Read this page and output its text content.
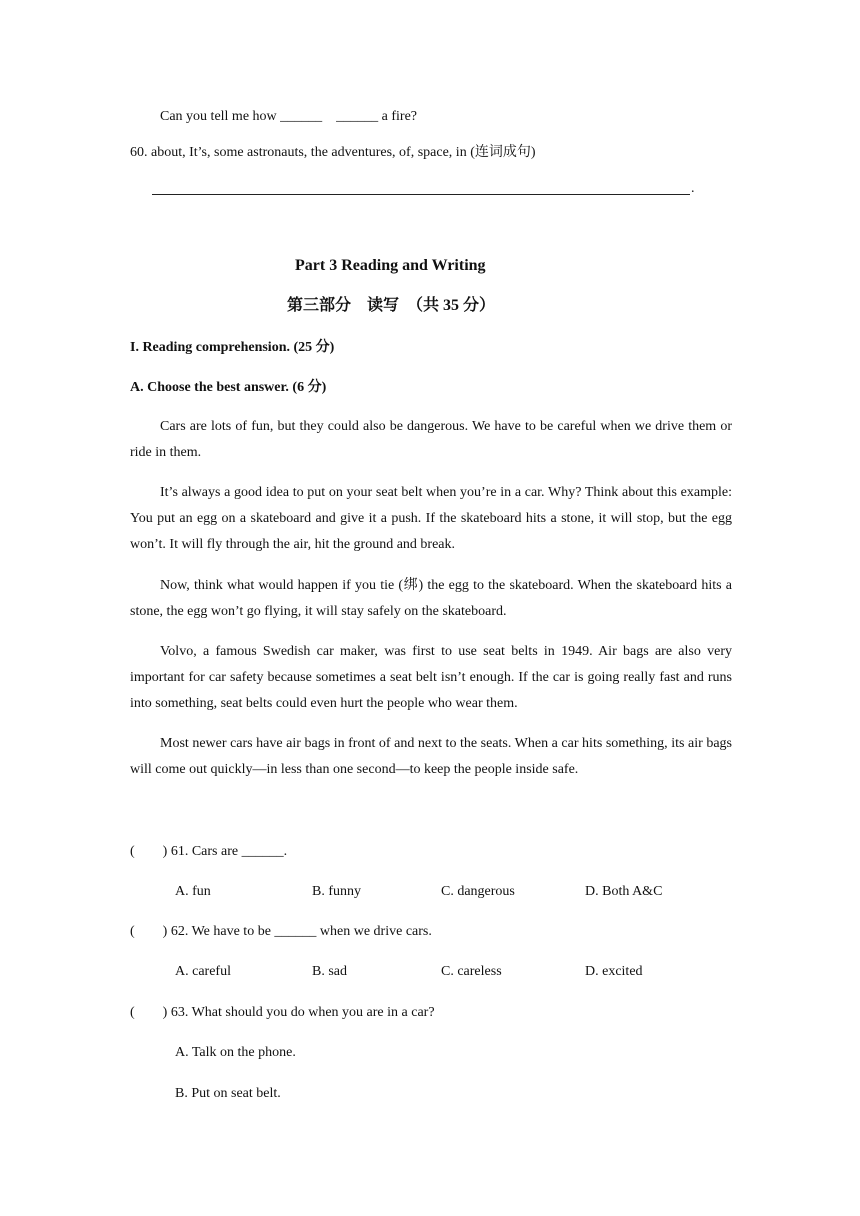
Can you tell me how ______ ______ a fire?
60. about, It’s, some astronauts, the adventures, of, space, in (连词成句)
.
Part 3 Reading and Writing
第三部分　读写　（共 35 分）
I. Reading comprehension. (25 分)
A. Choose the best answer. (6 分)
Cars are lots of fun, but they could also be dangerous. We have to be careful when we drive them or ride in them.
It’s always a good idea to put on your seat belt when you’re in a car. Why? Think about this example: You put an egg on a skateboard and give it a push. If the skateboard hits a stone, it will stop, but the egg won’t. It will fly through the air, hit the ground and break.
Now, think what would happen if you tie (绑) the egg to the skateboard. When the skateboard hits a stone, the egg won’t go flying, it will stay safely on the skateboard.
Volvo, a famous Swedish car maker, was first to use seat belts in 1949. Air bags are also very important for car safety because sometimes a seat belt isn’t enough. If the car is going really fast and runs into something, seat belts could even hurt the people who wear them.
Most newer cars have air bags in front of and next to the seats. When a car hits something, its air bags will come out quickly—in less than one second—to keep the people inside safe.
(　　) 61. Cars are ______.
A. fun	B. funny	C. dangerous	D. Both A&C
(　　) 62. We have to be ______ when we drive cars.
A. careful	B. sad	C. careless	D. excited
(　　) 63. What should you do when you are in a car?
A. Talk on the phone.
B. Put on seat belt.
